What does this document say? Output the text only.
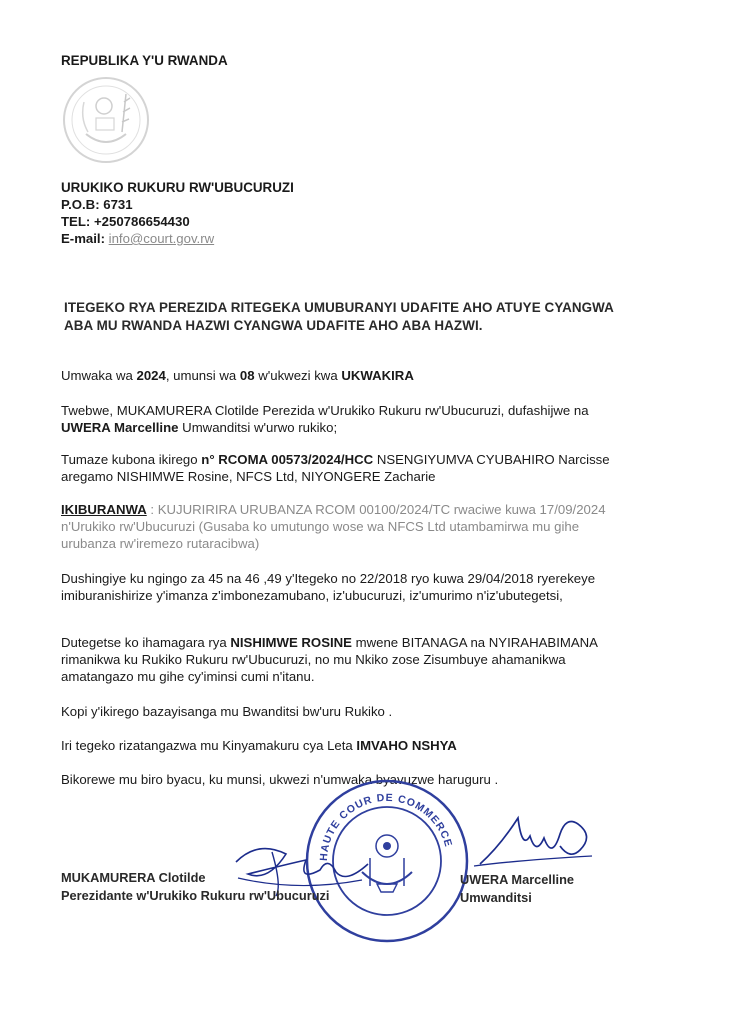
REPUBLIKA Y'U RWANDA
URUKIKO RUKURU RW'UBUCURUZI
P.O.B: 6731
TEL: +250786654430
E-mail: info@court.gov.rw
ITEGEKO RYA PEREZIDA RITEGEKA UMUBURANYI UDAFITE AHO ATUYE CYANGWA
ABA MU RWANDA HAZWI CYANGWA UDAFITE AHO ABA HAZWI.
Umwaka wa 2024, umunsi wa 08 w'ukwezi kwa UKWAKIRA
Twebwe, MUKAMURERA Clotilde Perezida w'Urukiko Rukuru rw'Ubucuruzi, dufashijwe na
UWERA Marcelline Umwanditsi w'urwo rukiko;
Tumaze kubona ikirego n° RCOMA 00573/2024/HCC NSENGIYUMVA CYUBAHIRO Narcisse
aregamo NISHIMWE Rosine, NFCS Ltd, NIYONGERE Zacharie
IKIBURANWA : KUJURIRIRA URUBANZA RCOM 00100/2024/TC rwaciwe kuwa 17/09/2024
n'Urukiko rw'Ubucuruzi (Gusaba ko umutungo wose wa NFCS Ltd utambamirwa mu gihe
urubanza rw'iremezo rutaracibwa)
Dushingiye ku ngingo za 45 na 46 ,49 y'Itegeko no 22/2018 ryo kuwa 29/04/2018 ryerekeye
imiburanishirize y'imanza z'imbonezamubano, iz'ubucuruzi, iz'umurimo n'iz'ubutegetsi,
Dutegetse ko ihamagara rya NISHIMWE ROSINE mwene BITANAGA na NYIRAHABIMANA
rimanikwa ku Rukiko Rukuru rw'Ubucuruzi, no mu Nkiko zose Zisumbuye ahamanikwa
amatangazo mu gihe cy'iminsi cumi n'itanu.
Kopi y'ikirego bazayisanga mu Bwanditsi bw'uru Rukiko .
Iri tegeko rizatangazwa mu Kinyamakuru cya Leta IMVAHO NSHYA
Bikorewe mu biro byacu, ku munsi, ukwezi n'umwaka byavuzwe haruguru .
HAUTE COUR DE COMMERCE
MUKAMURERA Clotilde
Perezidante w'Urukiko Rukuru rw'Ubucuruzi
UWERA Marcelline
Umwanditsi
